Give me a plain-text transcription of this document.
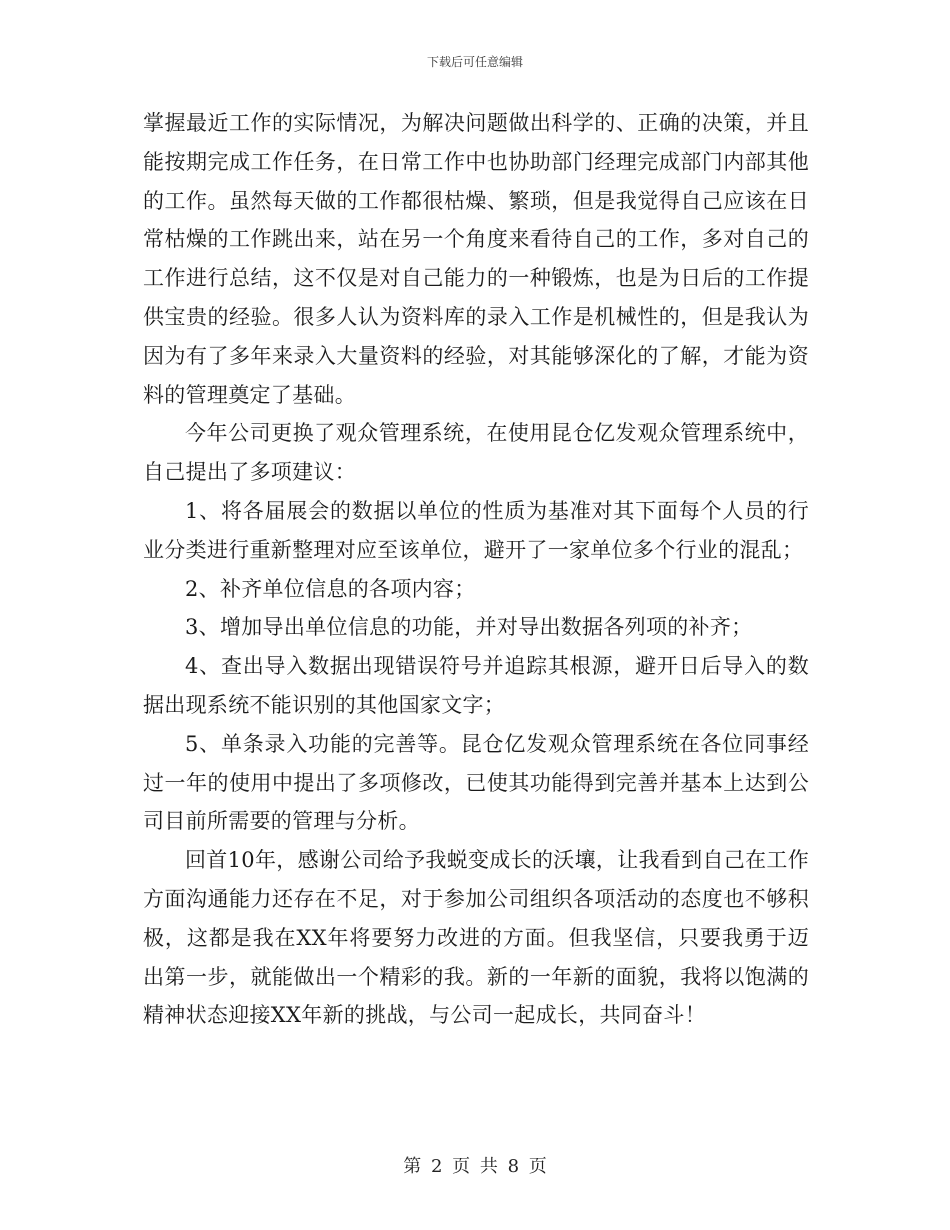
下载后可任意编辑

掌握最近工作的实际情况，为解决问题做出科学的、正确的决策，并且能按期完成工作任务，在日常工作中也协助部门经理完成部门内部其他的工作。虽然每天做的工作都很枯燥、繁琐，但是我觉得自己应该在日常枯燥的工作跳出来，站在另一个角度来看待自己的工作，多对自己的工作进行总结，这不仅是对自己能力的一种锻炼，也是为日后的工作提供宝贵的经验。很多人认为资料库的录入工作是机械性的，但是我认为因为有了多年来录入大量资料的经验，对其能够深化的了解，才能为资料的管理奠定了基础。

今年公司更换了观众管理系统，在使用昆仓亿发观众管理系统中，自己提出了多项建议：

1、将各届展会的数据以单位的性质为基准对其下面每个人员的行业分类进行重新整理对应至该单位，避开了一家单位多个行业的混乱；

2、补齐单位信息的各项内容；

3、增加导出单位信息的功能，并对导出数据各列项的补齐；

4、查出导入数据出现错误符号并追踪其根源，避开日后导入的数据出现系统不能识别的其他国家文字；

5、单条录入功能的完善等。昆仓亿发观众管理系统在各位同事经过一年的使用中提出了多项修改，已使其功能得到完善并基本上达到公司目前所需要的管理与分析。

回首10年，感谢公司给予我蜕变成长的沃壤，让我看到自己在工作方面沟通能力还存在不足，对于参加公司组织各项活动的态度也不够积极，这都是我在XX年将要努力改进的方面。但我坚信，只要我勇于迈出第一步，就能做出一个精彩的我。新的一年新的面貌，我将以饱满的精神状态迎接XX年新的挑战，与公司一起成长，共同奋斗！

第 2 页 共 8 页
